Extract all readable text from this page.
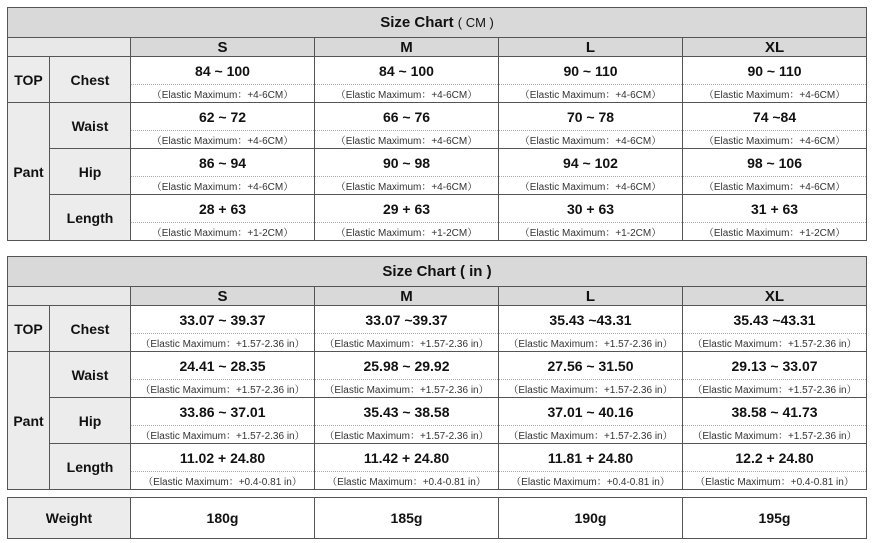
Size Chart ( CM )					
		S	M	L	XL
TOP	Chest	84 ~ 100	84 ~ 100	90 ~ 110	90 ~ 110
		（Elastic Maximum：+4-6CM）	（Elastic Maximum：+4-6CM）	（Elastic Maximum：+4-6CM）	（Elastic Maximum：+4-6CM）
Pant	Waist	62 ~ 72	66 ~ 76	70 ~ 78	74 ~84
		（Elastic Maximum：+4-6CM）	（Elastic Maximum：+4-6CM）	（Elastic Maximum：+4-6CM）	（Elastic Maximum：+4-6CM）
	Hip	86 ~ 94	90 ~ 98	94 ~ 102	98 ~ 106
		（Elastic Maximum：+4-6CM）	（Elastic Maximum：+4-6CM）	（Elastic Maximum：+4-6CM）	（Elastic Maximum：+4-6CM）
	Length	28 + 63	29 + 63	30 + 63	31 + 63
		（Elastic Maximum：+1-2CM）	（Elastic Maximum：+1-2CM）	（Elastic Maximum：+1-2CM）	（Elastic Maximum：+1-2CM）
Size Chart ( in )					
		S	M	L	XL
TOP	Chest	33.07 ~ 39.37	33.07 ~39.37	35.43 ~43.31	35.43 ~43.31
		（Elastic Maximum：+1.57-2.36 in）	（Elastic Maximum：+1.57-2.36 in）	（Elastic Maximum：+1.57-2.36 in）	（Elastic Maximum：+1.57-2.36 in）
Pant	Waist	24.41 ~ 28.35	25.98 ~ 29.92	27.56 ~ 31.50	29.13 ~ 33.07
		（Elastic Maximum：+1.57-2.36 in）	（Elastic Maximum：+1.57-2.36 in）	（Elastic Maximum：+1.57-2.36 in）	（Elastic Maximum：+1.57-2.36 in）
	Hip	33.86 ~ 37.01	35.43 ~ 38.58	37.01 ~ 40.16	38.58 ~ 41.73
		（Elastic Maximum：+1.57-2.36 in）	（Elastic Maximum：+1.57-2.36 in）	（Elastic Maximum：+1.57-2.36 in）	（Elastic Maximum：+1.57-2.36 in）
	Length	11.02 + 24.80	11.42 + 24.80	11.81 + 24.80	12.2 + 24.80
		（Elastic Maximum：+0.4-0.81 in）	（Elastic Maximum：+0.4-0.81 in）	（Elastic Maximum：+0.4-0.81 in）	（Elastic Maximum：+0.4-0.81 in）
Weight	180g	185g	190g	195g
